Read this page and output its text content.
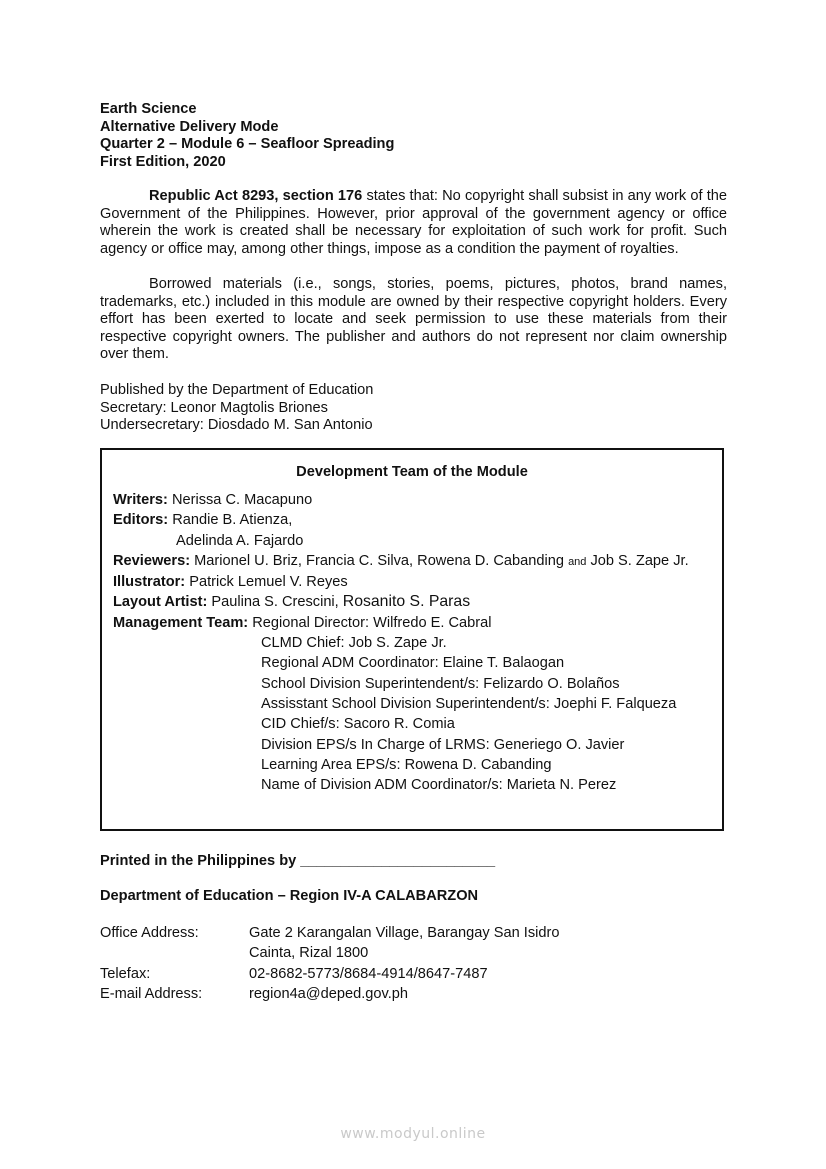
Earth Science
Alternative Delivery Mode
Quarter 2 – Module 6 – Seafloor Spreading
First Edition, 2020
Republic Act 8293, section 176 states that: No copyright shall subsist in any work of the Government of the Philippines. However, prior approval of the government agency or office wherein the work is created shall be necessary for exploitation of such work for profit. Such agency or office may, among other things, impose as a condition the payment of royalties.
Borrowed materials (i.e., songs, stories, poems, pictures, photos, brand names, trademarks, etc.) included in this module are owned by their respective copyright holders. Every effort has been exerted to locate and seek permission to use these materials from their respective copyright owners. The publisher and authors do not represent nor claim ownership over them.
Published by the Department of Education
Secretary: Leonor Magtolis Briones
Undersecretary: Diosdado M. San Antonio
Development Team of the Module
Writers: Nerissa C. Macapuno
Editors: Randie B. Atienza,
Adelinda A. Fajardo
Reviewers: Marionel U. Briz, Francia C. Silva, Rowena D. Cabanding and Job S. Zape Jr.
Illustrator: Patrick Lemuel V. Reyes
Layout Artist: Paulina S. Crescini, Rosanito S. Paras
Management Team: Regional Director: Wilfredo E. Cabral
CLMD Chief: Job S. Zape Jr.
Regional ADM Coordinator: Elaine T. Balaogan
School Division Superintendent/s: Felizardo O. Bolaños
Assisstant School Division Superintendent/s: Joephi F. Falqueza
CID Chief/s: Sacoro R. Comia
Division EPS/s In Charge of LRMS: Generiego O. Javier
Learning Area EPS/s: Rowena D. Cabanding
Name of Division ADM Coordinator/s: Marieta N. Perez
Printed in the Philippines by ________________________
Department of Education – Region IV-A CALABARZON
Office Address:	Gate 2 Karangalan Village, Barangay San Isidro
Cainta, Rizal 1800
Telefax:	02-8682-5773/8684-4914/8647-7487
E-mail Address:	region4a@deped.gov.ph
www.modyul.online
